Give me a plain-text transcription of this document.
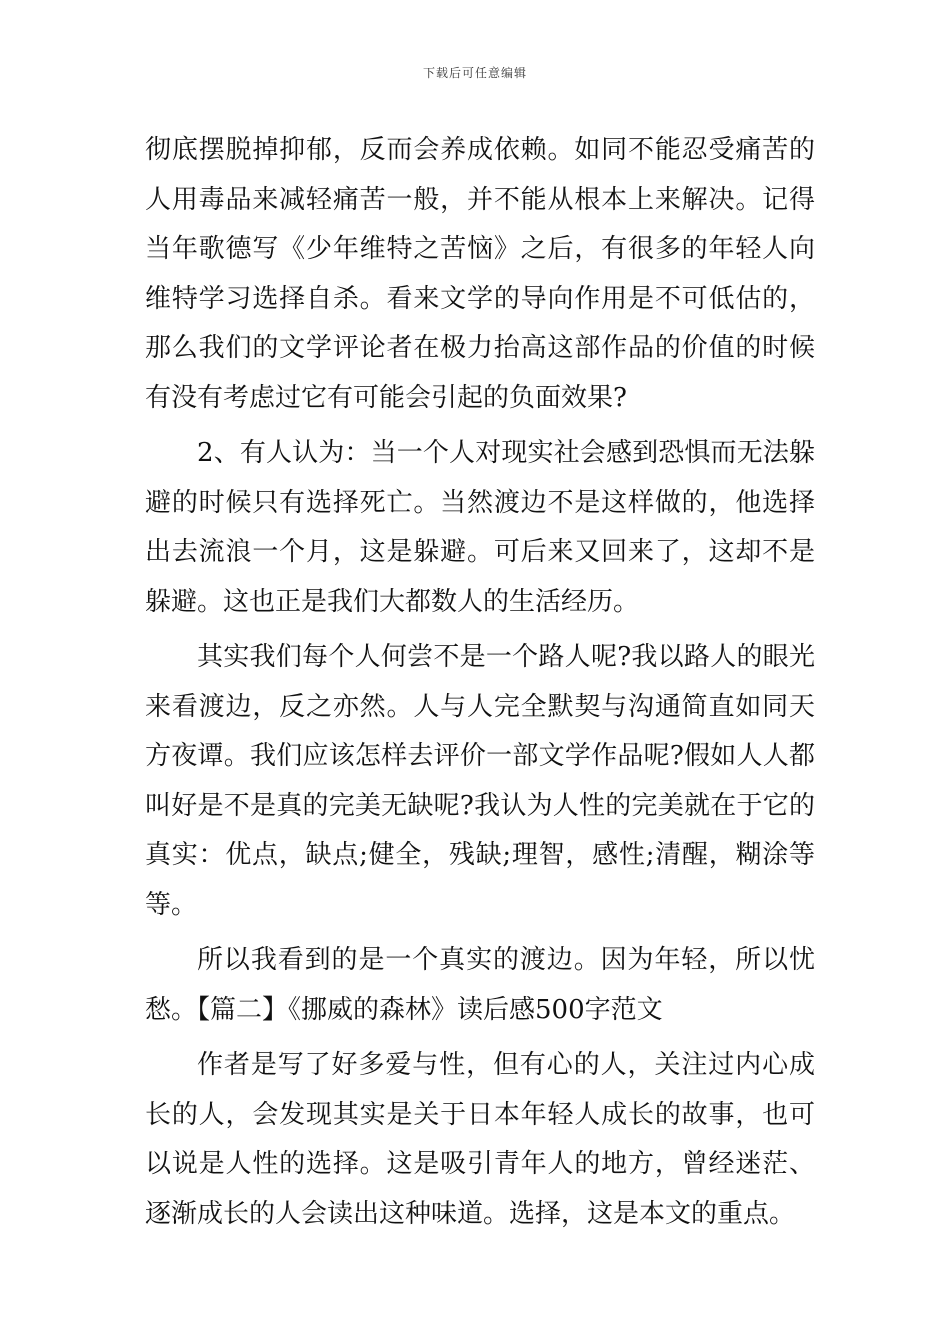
下载后可任意编辑

彻底摆脱掉抑郁，反而会养成依赖。如同不能忍受痛苦的人用毒品来减轻痛苦一般，并不能从根本上来解决。记得当年歌德写《少年维特之苦恼》之后，有很多的年轻人向维特学习选择自杀。看来文学的导向作用是不可低估的，那么我们的文学评论者在极力抬高这部作品的价值的时候有没有考虑过它有可能会引起的负面效果?

2、有人认为：当一个人对现实社会感到恐惧而无法躲避的时候只有选择死亡。当然渡边不是这样做的，他选择出去流浪一个月，这是躲避。可后来又回来了，这却不是躲避。这也正是我们大都数人的生活经历。

其实我们每个人何尝不是一个路人呢?我以路人的眼光来看渡边，反之亦然。人与人完全默契与沟通简直如同天方夜谭。我们应该怎样去评价一部文学作品呢?假如人人都叫好是不是真的完美无缺呢?我认为人性的完美就在于它的真实：优点，缺点;健全，残缺;理智，感性;清醒，糊涂等等。

所以我看到的是一个真实的渡边。因为年轻，所以忧愁。【篇二】《挪威的森林》读后感500字范文

作者是写了好多爱与性，但有心的人，关注过内心成长的人，会发现其实是关于日本年轻人成长的故事，也可以说是人性的选择。这是吸引青年人的地方，曾经迷茫、逐渐成长的人会读出这种味道。选择，这是本文的重点。
